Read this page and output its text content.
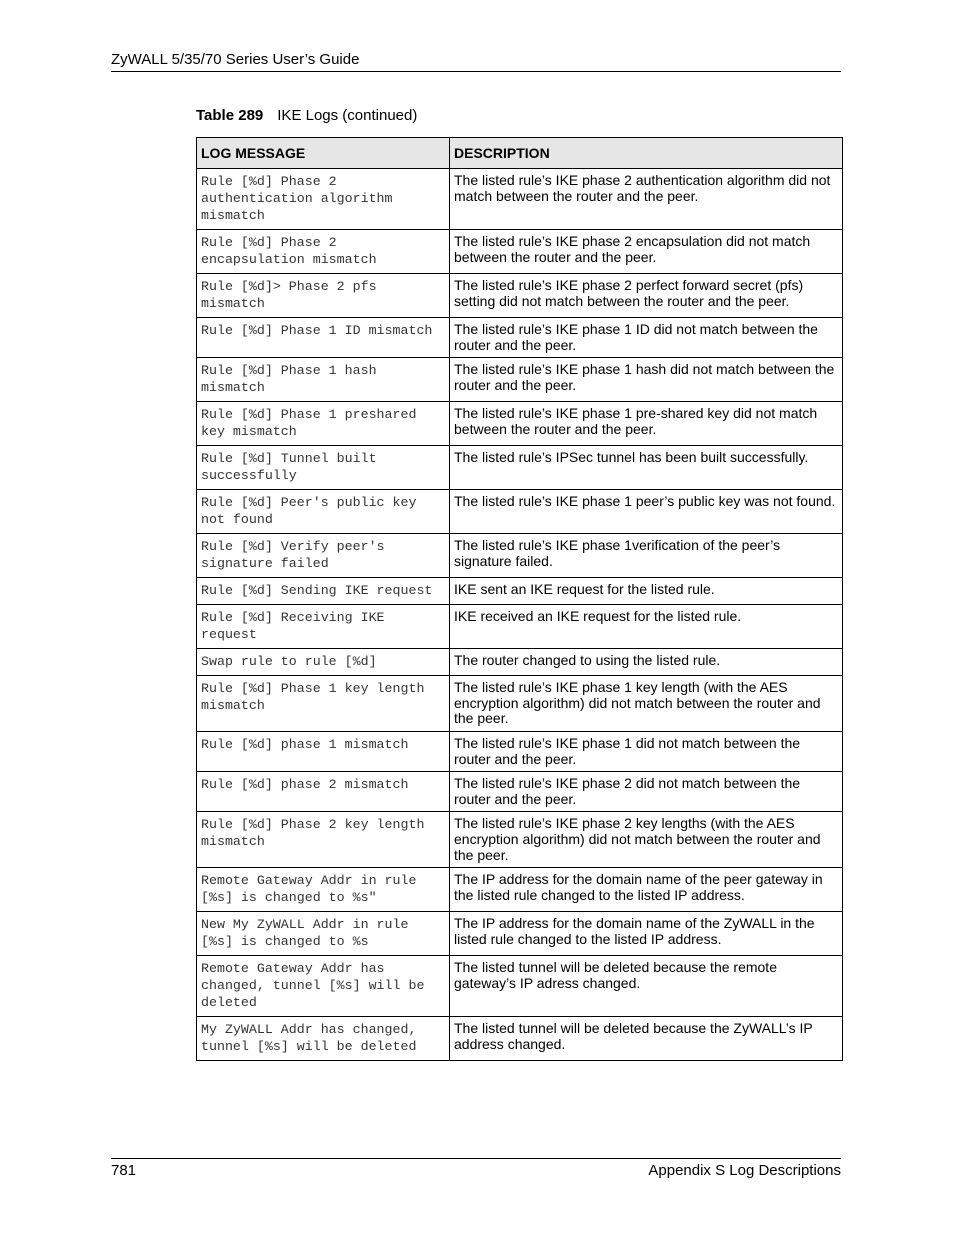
ZyWALL 5/35/70 Series User’s Guide
Table 289 IKE Logs (continued)
LOG MESSAGE	DESCRIPTION
Rule [%d] Phase 2
authentication algorithm
mismatch	The listed rule’s IKE phase 2 authentication algorithm did not match between the router and the peer.
Rule [%d] Phase 2
encapsulation mismatch	The listed rule’s IKE phase 2 encapsulation did not match between the router and the peer.
Rule [%d]> Phase 2 pfs
mismatch	The listed rule’s IKE phase 2 perfect forward secret (pfs) setting did not match between the router and the peer.
Rule [%d] Phase 1 ID mismatch	The listed rule’s IKE phase 1 ID did not match between the router and the peer.
Rule [%d] Phase 1 hash
mismatch	The listed rule’s IKE phase 1 hash did not match between the router and the peer.
Rule [%d] Phase 1 preshared
key mismatch	The listed rule’s IKE phase 1 pre-shared key did not match between the router and the peer.
Rule [%d] Tunnel built
successfully	The listed rule’s IPSec tunnel has been built successfully.
Rule [%d] Peer's public key
not found	The listed rule’s IKE phase 1 peer’s public key was not found.
Rule [%d] Verify peer's
signature failed	The listed rule’s IKE phase 1verification of the peer’s signature failed.
Rule [%d] Sending IKE request	IKE sent an IKE request for the listed rule.
Rule [%d] Receiving IKE
request	IKE received an IKE request for the listed rule.
Swap rule to rule [%d]	The router changed to using the listed rule.
Rule [%d] Phase 1 key length
mismatch	The listed rule’s IKE phase 1 key length (with the AES encryption algorithm) did not match between the router and the peer.
Rule [%d] phase 1 mismatch	The listed rule’s IKE phase 1 did not match between the router and the peer.
Rule [%d] phase 2 mismatch	The listed rule’s IKE phase 2 did not match between the router and the peer.
Rule [%d] Phase 2 key length
mismatch	The listed rule’s IKE phase 2 key lengths (with the AES encryption algorithm) did not match between the router and the peer.
Remote Gateway Addr in rule
[%s] is changed to %s"	The IP address for the domain name of the peer gateway in the listed rule changed to the listed IP address.
New My ZyWALL Addr in rule
[%s] is changed to %s	The IP address for the domain name of the ZyWALL in the listed rule changed to the listed IP address.
Remote Gateway Addr has
changed, tunnel [%s] will be
deleted	The listed tunnel will be deleted because the remote gateway’s IP adress changed.
My ZyWALL Addr has changed,
tunnel [%s] will be deleted	The listed tunnel will be deleted because the ZyWALL’s IP address changed.
781	Appendix S Log Descriptions
